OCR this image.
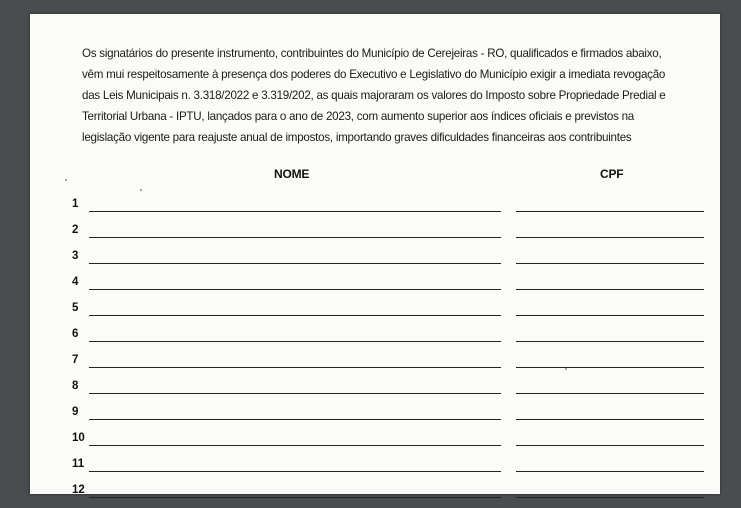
Os signatários do presente instrumento, contribuintes do Município de Cerejeiras - RO, qualificados e firmados abaixo,
vêm mui respeitosamente à presença dos poderes do Executivo e Legislativo do Município exigir a imediata revogação
das Leis Municipais n. 3.318/2022 e 3.319/202, as quais majoraram os valores do Imposto sobre Propriedade Predial e
Territorial Urbana - IPTU, lançados para o ano de 2023, com aumento superior aos índices oficiais e previstos na
legislação vigente para reajuste anual de impostos, importando graves dificuldades financeiras aos contribuintes

NOME	CPF
1
2
3
4
5
6
7
8
9
10
11
12
